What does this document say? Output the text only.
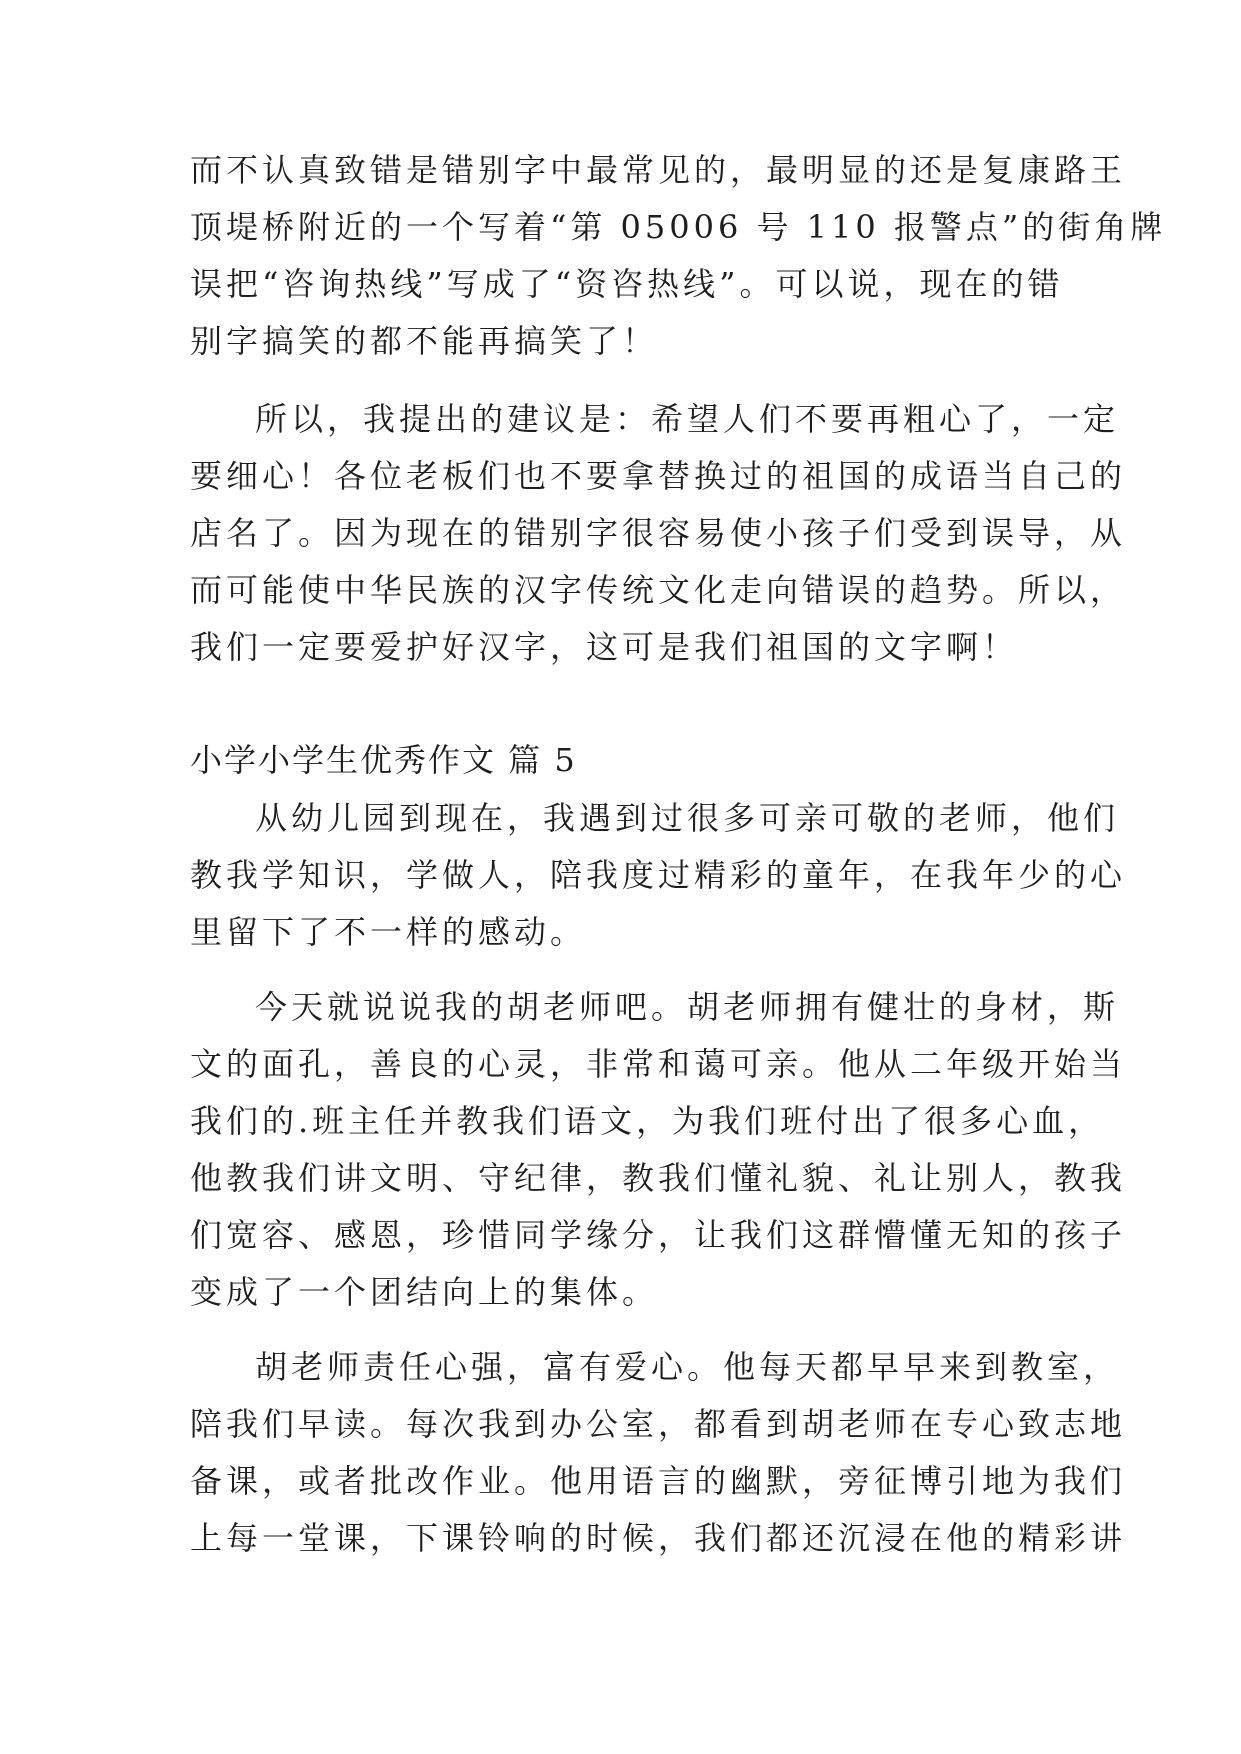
而不认真致错是错别字中最常见的，最明显的还是复康路王
顶堤桥附近的一个写着“第 05006 号 110 报警点”的街角牌
误把“咨询热线”写成了“资咨热线”。可以说，现在的错
别字搞笑的都不能再搞笑了！
所以，我提出的建议是：希望人们不要再粗心了，一定
要细心！各位老板们也不要拿替换过的祖国的成语当自己的
店名了。因为现在的错别字很容易使小孩子们受到误导，从
而可能使中华民族的汉字传统文化走向错误的趋势。所以，
我们一定要爱护好汉字，这可是我们祖国的文字啊！
小学小学生优秀作文 篇 5
从幼儿园到现在，我遇到过很多可亲可敬的老师，他们
教我学知识，学做人，陪我度过精彩的童年，在我年少的心
里留下了不一样的感动。
今天就说说我的胡老师吧。胡老师拥有健壮的身材，斯
文的面孔，善良的心灵，非常和蔼可亲。他从二年级开始当
我们的.班主任并教我们语文，为我们班付出了很多心血，
他教我们讲文明、守纪律，教我们懂礼貌、礼让别人，教我
们宽容、感恩，珍惜同学缘分，让我们这群懵懂无知的孩子
变成了一个团结向上的集体。
胡老师责任心强，富有爱心。他每天都早早来到教室，
陪我们早读。每次我到办公室，都看到胡老师在专心致志地
备课，或者批改作业。他用语言的幽默，旁征博引地为我们
上每一堂课，下课铃响的时候，我们都还沉浸在他的精彩讲
